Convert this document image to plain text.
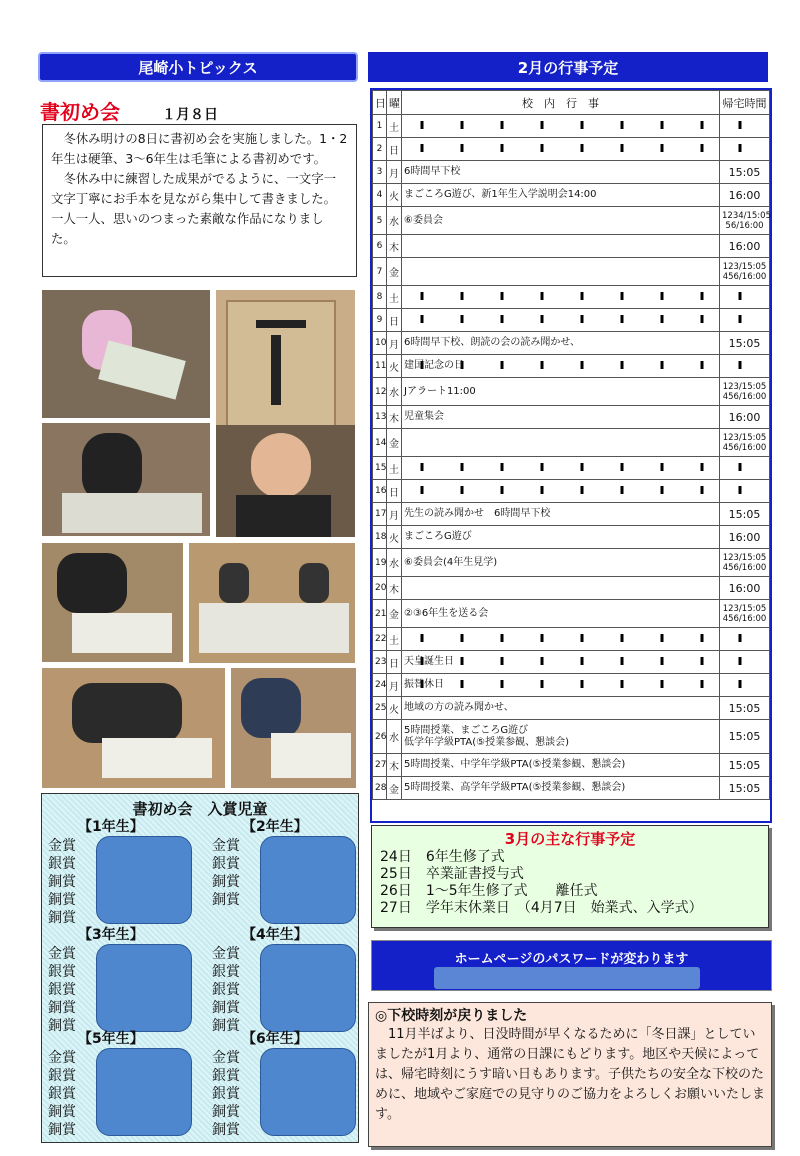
尾崎小トピックス	2月の行事予定
書初め会	１月８日

冬休み明けの8日に書初め会を実施しました。1・2年生は硬筆、3～6年生は毛筆による書初めです。

冬休み中に練習した成果がでるように、一文字一文字丁寧にお手本を見ながら集中して書きました。一人一人、思いのつまった素敵な作品になりました。

書初め会　入賞児童
【1年生】
金賞
銀賞
銅賞
銅賞
銅賞
【2年生】
金賞
銀賞
銅賞
銅賞
【3年生】
金賞
銀賞
銀賞
銅賞
銅賞
【4年生】
金賞
銀賞
銀賞
銅賞
銅賞
【5年生】
金賞
銀賞
銀賞
銅賞
銅賞
【6年生】
金賞
銀賞
銀賞
銅賞
銅賞
日	曜	校　内　行　事	帰宅時間
1	土		
2	日		
3	月	6時間早下校	15:05
4	火	まごころG遊び、新1年生入学説明会14:00	16:00
5	水	⑥委員会	1234/15:05
56/16:00
6	木		16:00
7	金		123/15:05
456/16:00
8	土		
9	日		
10	月	6時間早下校、朗読の会の読み聞かせ、	15:05
11	火	建国記念の日	
12	水	Jアラート11:00	123/15:05
456/16:00
13	木	児童集会	16:00
14	金		123/15:05
456/16:00
15	土		
16	日		
17	月	先生の読み聞かせ　6時間早下校	15:05
18	火	まごころG遊び	16:00
19	水	⑥委員会(4年生見学)	123/15:05
456/16:00
20	木		16:00
21	金	②③6年生を送る会	123/15:05
456/16:00
22	土		
23	日	天皇誕生日	
24	月	振替休日	
25	火	地域の方の読み聞かせ、	15:05
26	水	5時間授業、まごころG遊び
低学年学級PTA(⑤授業参観、懇談会)	15:05
27	木	5時間授業、中学年学級PTA(⑤授業参観、懇談会)	15:05
28	金	5時間授業、高学年学級PTA(⑤授業参観、懇談会)	15:05
3月の主な行事予定
24日　6年生修了式
25日　卒業証書授与式
26日　1～5年生修了式　　離任式
27日　学年末休業日　（4月7日　始業式、入学式）
ホームページのパスワードが変わります
◎下校時刻が戻りました
11月半ばより、日没時間が早くなるために「冬日課」としていましたが1月より、通常の日課にもどります。地区や天候によっては、帰宅時刻にうす暗い日もあります。子供たちの安全な下校のために、地域やご家庭での見守りのご協力をよろしくお願いいたします。
